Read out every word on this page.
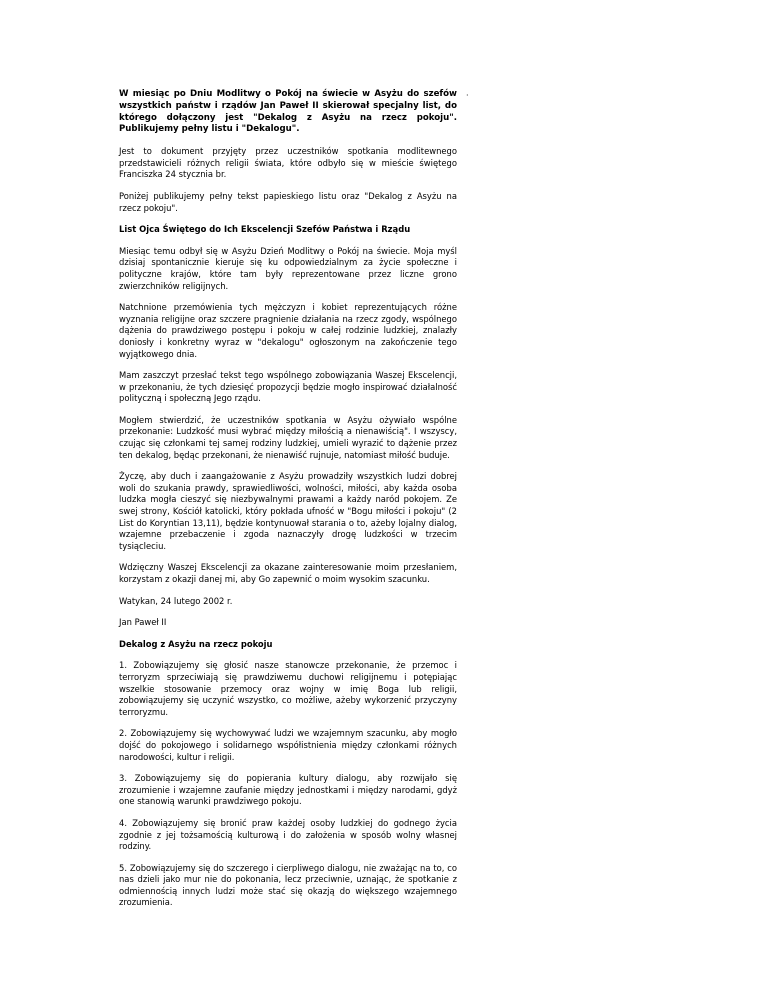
·

W miesiąc po Dniu Modlitwy o Pokój na świecie w Asyżu do szefów wszystkich państw i rządów Jan Paweł II skierował specjalny list, do którego dołączony jest "Dekalog z Asyżu na rzecz pokoju". Publikujemy pełny listu i "Dekalogu".

Jest to dokument przyjęty przez uczestników spotkania modlitewnego przedstawicieli różnych religii świata, które odbyło się w mieście świętego Franciszka 24 stycznia br.

Poniżej publikujemy pełny tekst papieskiego listu oraz "Dekalog z Asyżu na rzecz pokoju".

List Ojca Świętego do Ich Ekscelencji Szefów Państwa i Rządu

Miesiąc temu odbył się w Asyżu Dzień Modlitwy o Pokój na świecie. Moja myśl dzisiaj spontanicznie kieruje się ku odpowiedzialnym za życie społeczne i polityczne krajów, które tam były reprezentowane przez liczne grono zwierzchników religijnych.

Natchnione przemówienia tych mężczyzn i kobiet reprezentujących różne wyznania religijne oraz szczere pragnienie działania na rzecz zgody, wspólnego dążenia do prawdziwego postępu i pokoju w całej rodzinie ludzkiej, znalazły doniosły i konkretny wyraz w "dekalogu" ogłoszonym na zakończenie tego wyjątkowego dnia.

Mam zaszczyt przesłać tekst tego wspólnego zobowiązania Waszej Ekscelencji, w przekonaniu, że tych dziesięć propozycji będzie mogło inspirować działalność polityczną i społeczną Jego rządu.

Mogłem stwierdzić, że uczestników spotkania w Asyżu ożywiało wspólne przekonanie: Ludzkość musi wybrać między miłością a nienawiścią". I wszyscy, czując się członkami tej samej rodziny ludzkiej, umieli wyrazić to dążenie przez ten dekalog, będąc przekonani, że nienawiść rujnuje, natomiast miłość buduje.

Życzę, aby duch i zaangażowanie z Asyżu prowadziły wszystkich ludzi dobrej woli do szukania prawdy, sprawiedliwości, wolności, miłości, aby każda osoba ludzka mogła cieszyć się niezbywalnymi prawami a każdy naród pokojem. Ze swej strony, Kościół katolicki, który pokłada ufność w "Bogu miłości i pokoju" (2 List do Koryntian 13,11), będzie kontynuował starania o to, ażeby lojalny dialog, wzajemne przebaczenie i zgoda naznaczyły drogę ludzkości w trzecim tysiącleciu.

Wdzięczny Waszej Ekscelencji za okazane zainteresowanie moim przesłaniem, korzystam z okazji danej mi, aby Go zapewnić o moim wysokim szacunku.

Watykan, 24 lutego 2002 r.

Jan Paweł II

Dekalog z Asyżu na rzecz pokoju

1. Zobowiązujemy się głosić nasze stanowcze przekonanie, że przemoc i terroryzm sprzeciwiają się prawdziwemu duchowi religijnemu i potępiając wszelkie stosowanie przemocy oraz wojny w imię Boga lub religii, zobowiązujemy się uczynić wszystko, co możliwe, ażeby wykorzenić przyczyny terroryzmu.

2. Zobowiązujemy się wychowywać ludzi we wzajemnym szacunku, aby mogło dojść do pokojowego i solidarnego współistnienia między członkami różnych narodowości, kultur i religii.

3. Zobowiązujemy się do popierania kultury dialogu, aby rozwijało się zrozumienie i wzajemne zaufanie między jednostkami i między narodami, gdyż one stanowią warunki prawdziwego pokoju.

4. Zobowiązujemy się bronić praw każdej osoby ludzkiej do godnego życia zgodnie z jej tożsamością kulturową i do założenia w sposób wolny własnej rodziny.

5. Zobowiązujemy się do szczerego i cierpliwego dialogu, nie zważając na to, co nas dzieli jako mur nie do pokonania, lecz przeciwnie, uznając, że spotkanie z odmiennością innych ludzi może stać się okazją do większego wzajemnego zrozumienia.
